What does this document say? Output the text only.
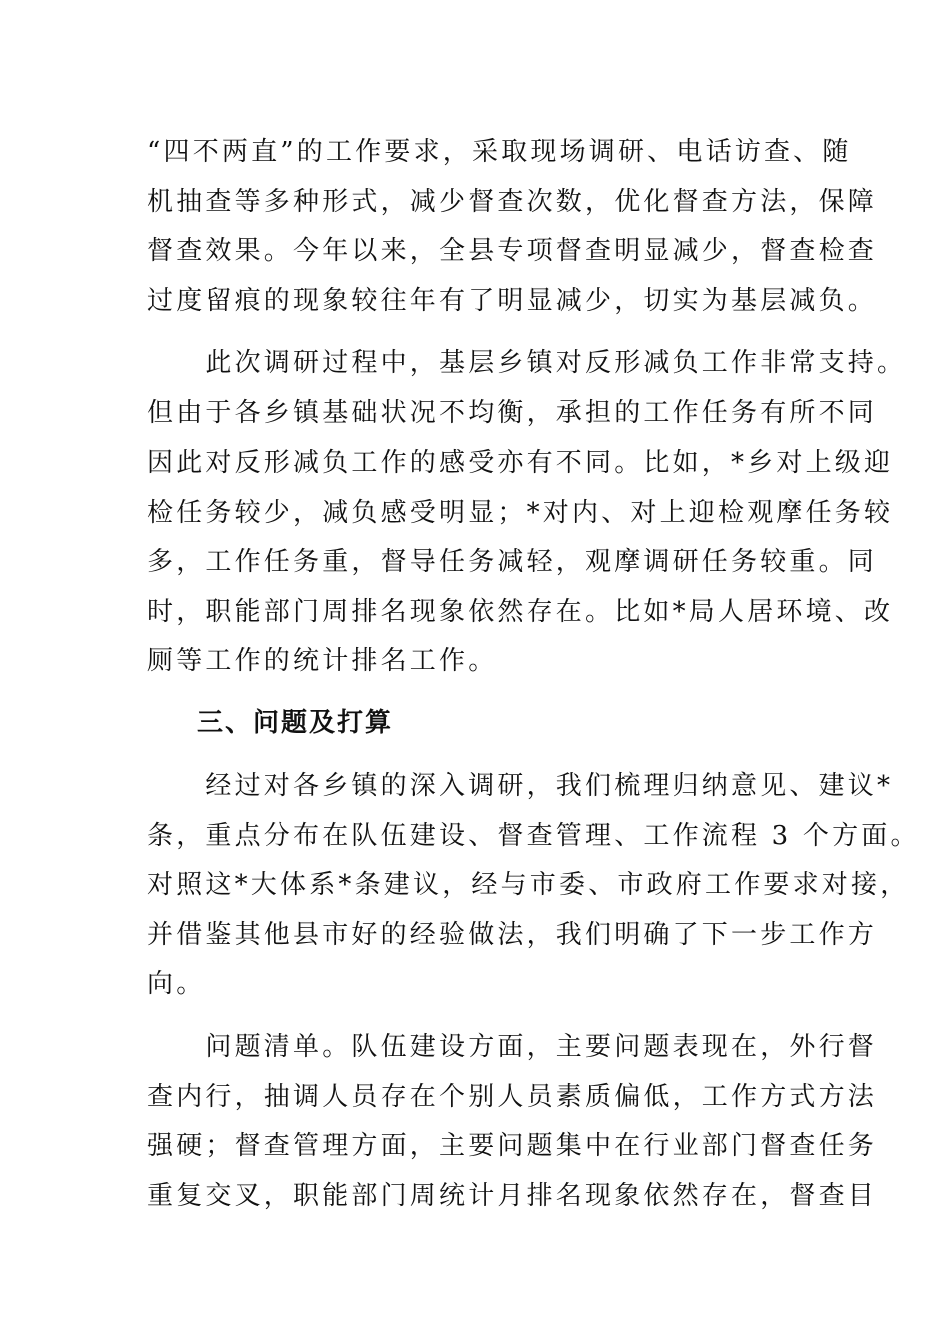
“四不两直”的工作要求，采取现场调研、电话访查、随
机抽查等多种形式，减少督查次数，优化督查方法，保障
督查效果。今年以来，全县专项督查明显减少，督查检查
过度留痕的现象较往年有了明显减少，切实为基层减负。
　　此次调研过程中，基层乡镇对反形减负工作非常支持。
但由于各乡镇基础状况不均衡，承担的工作任务有所不同
因此对反形减负工作的感受亦有不同。比如，*乡对上级迎
检任务较少，减负感受明显；*对内、对上迎检观摩任务较
多，工作任务重，督导任务减轻，观摩调研任务较重。同
时，职能部门周排名现象依然存在。比如*局人居环境、改
厕等工作的统计排名工作。
三、问题及打算
　　经过对各乡镇的深入调研，我们梳理归纳意见、建议*
条，重点分布在队伍建设、督查管理、工作流程 3 个方面。
对照这*大体系*条建议，经与市委、市政府工作要求对接，
并借鉴其他县市好的经验做法，我们明确了下一步工作方
向。
　　问题清单。队伍建设方面，主要问题表现在，外行督
查内行，抽调人员存在个别人员素质偏低，工作方式方法
强硬；督查管理方面，主要问题集中在行业部门督查任务
重复交叉，职能部门周统计月排名现象依然存在，督查目
